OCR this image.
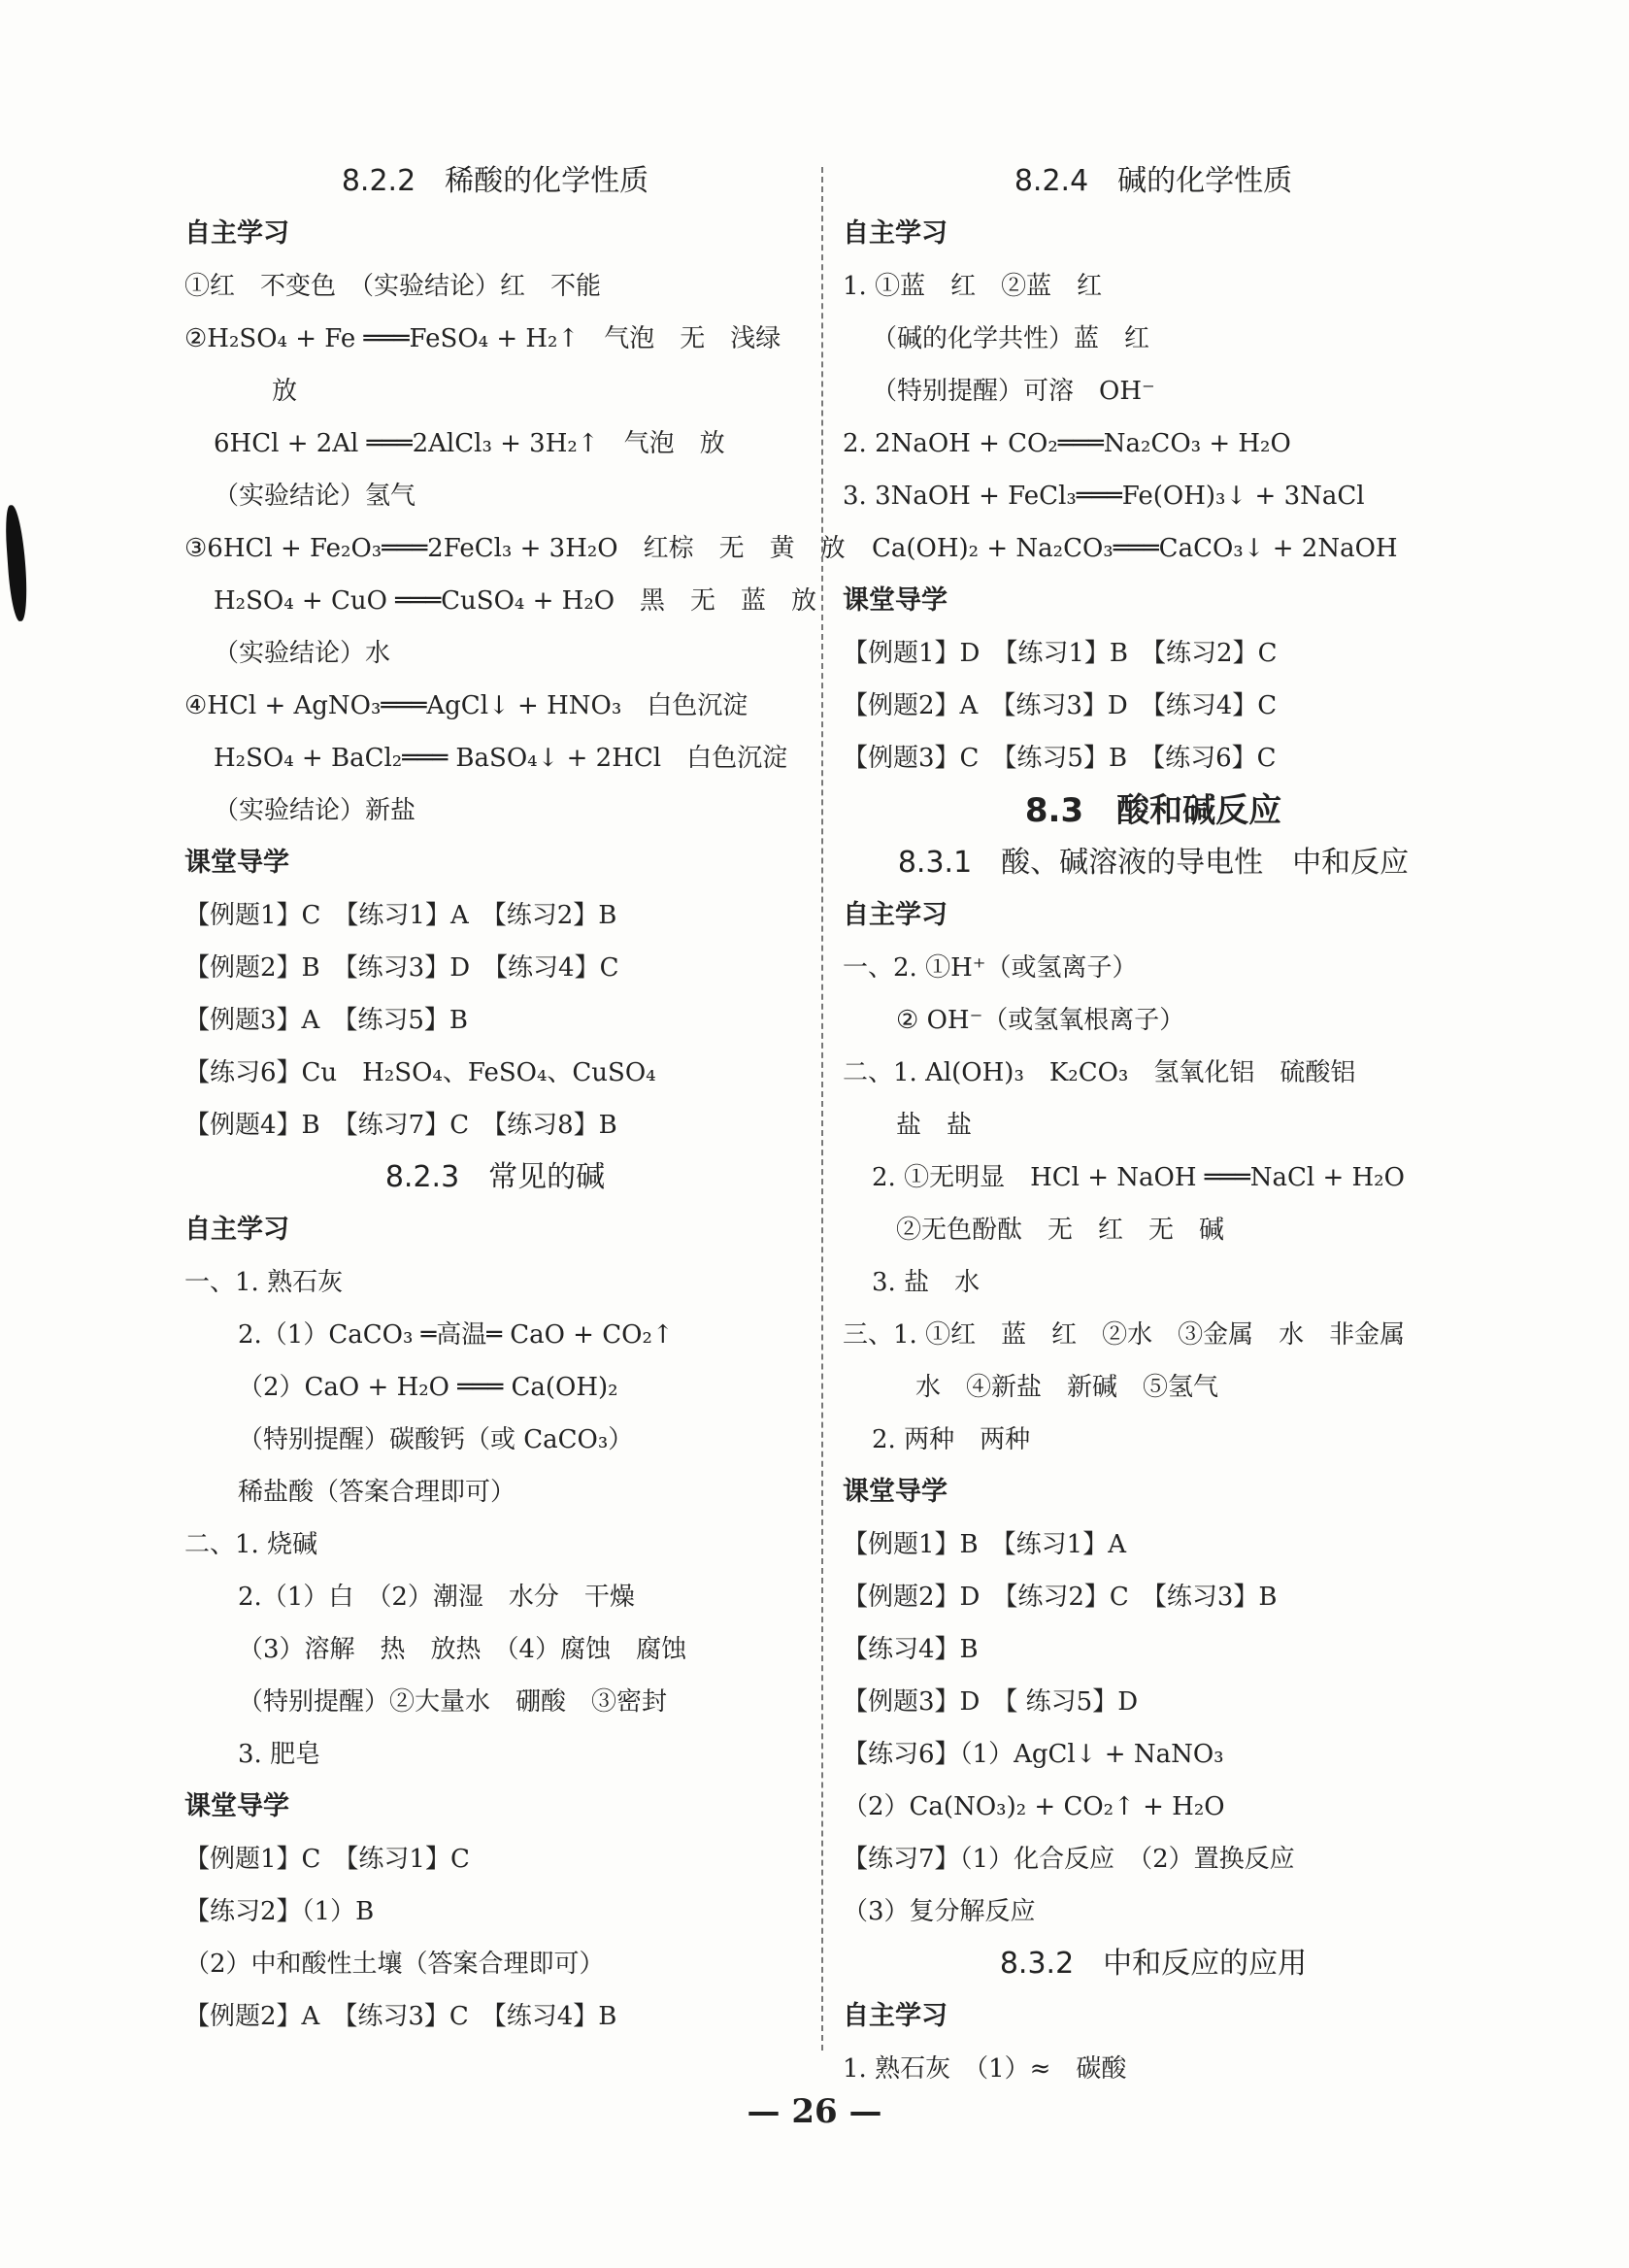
8.2.2　稀酸的化学性质
自主学习
①红　不变色　（实验结论）红　不能
②H₂SO₄ + Fe ═══FeSO₄ + H₂↑　气泡　无　浅绿
放
6HCl + 2Al ═══2AlCl₃ + 3H₂↑　气泡　放
（实验结论）氢气
③6HCl + Fe₂O₃═══2FeCl₃ + 3H₂O　红棕　无　黄　放
H₂SO₄ + CuO ═══CuSO₄ + H₂O　黑　无　蓝　放
（实验结论）水
④HCl + AgNO₃═══AgCl↓ + HNO₃　白色沉淀
H₂SO₄ + BaCl₂═══ BaSO₄↓ + 2HCl　白色沉淀
（实验结论）新盐
课堂导学
【例题1】C　【练习1】A　【练习2】B
【例题2】B　【练习3】D　【练习4】C
【例题3】A　【练习5】B
【练习6】Cu　H₂SO₄、FeSO₄、CuSO₄
【例题4】B　【练习7】C　【练习8】B
8.2.3　常见的碱
自主学习
一、1. 熟石灰
2.（1）CaCO₃ ═高温═ CaO + CO₂↑
（2）CaO + H₂O ═══ Ca(OH)₂
（特别提醒）碳酸钙（或 CaCO₃）
稀盐酸（答案合理即可）
二、1. 烧碱
2.（1）白　（2）潮湿　水分　干燥
（3）溶解　热　放热　（4）腐蚀　腐蚀
（特别提醒）②大量水　硼酸　③密封
3. 肥皂
课堂导学
【例题1】C　【练习1】C
【练习2】（1）B
（2）中和酸性土壤（答案合理即可）
【例题2】A　【练习3】C　【练习4】B
8.2.4　碱的化学性质
自主学习
1. ①蓝　红　②蓝　红
（碱的化学共性）蓝　红
（特别提醒）可溶　OH⁻
2. 2NaOH + CO₂═══Na₂CO₃ + H₂O
3. 3NaOH + FeCl₃═══Fe(OH)₃↓ + 3NaCl
Ca(OH)₂ + Na₂CO₃═══CaCO₃↓ + 2NaOH
课堂导学
【例题1】D　【练习1】B　【练习2】C
【例题2】A　【练习3】D　【练习4】C
【例题3】C　【练习5】B　【练习6】C
8.3　酸和碱反应
8.3.1　酸、碱溶液的导电性　中和反应
自主学习
一、2. ①H⁺（或氢离子）
② OH⁻（或氢氧根离子）
二、1. Al(OH)₃　K₂CO₃　氢氧化铝　硫酸铝
盐　盐
2. ①无明显　HCl + NaOH ═══NaCl + H₂O
②无色酚酞　无　红　无　碱
3. 盐　水
三、1. ①红　蓝　红　②水　③金属　水　非金属
水　④新盐　新碱　⑤氢气
2. 两种　两种
课堂导学
【例题1】B　【练习1】A
【例题2】D　【练习2】C　【练习3】B
【练习4】B
【例题3】D　【 练习5】D
【练习6】（1）AgCl↓ + NaNO₃
（2）Ca(NO₃)₂ + CO₂↑ + H₂O
【练习7】（1）化合反应　（2）置换反应
（3）复分解反应
8.3.2　中和反应的应用
自主学习
1. 熟石灰　（1）≈　碳酸
— 26 —
